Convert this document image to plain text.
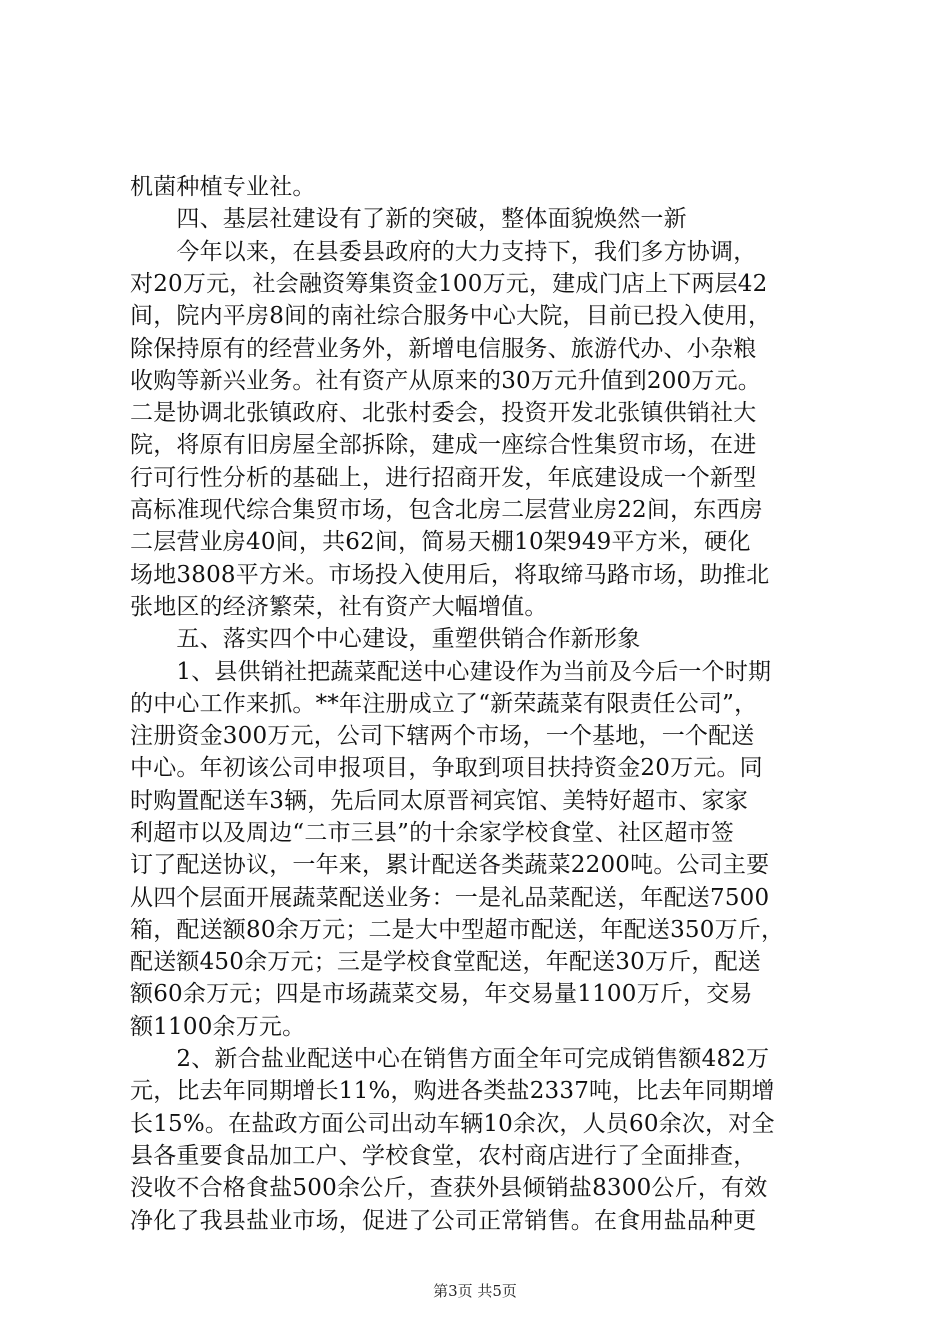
机菌种植专业社。
　　四、基层社建设有了新的突破，整体面貌焕然一新
　　今年以来，在县委县政府的大力支持下，我们多方协调，
对20万元，社会融资筹集资金100万元，建成门店上下两层42
间，院内平房8间的南社综合服务中心大院，目前已投入使用，
除保持原有的经营业务外，新增电信服务、旅游代办、小杂粮
收购等新兴业务。社有资产从原来的30万元升值到200万元。
二是协调北张镇政府、北张村委会，投资开发北张镇供销社大
院，将原有旧房屋全部拆除，建成一座综合性集贸市场，在进
行可行性分析的基础上，进行招商开发，年底建设成一个新型
高标准现代综合集贸市场，包含北房二层营业房22间，东西房
二层营业房40间，共62间，简易天棚10架949平方米，硬化
场地3808平方米。市场投入使用后，将取缔马路市场，助推北
张地区的经济繁荣，社有资产大幅增值。
　　五、落实四个中心建设，重塑供销合作新形象
　　1、县供销社把蔬菜配送中心建设作为当前及今后一个时期
的中心工作来抓。**年注册成立了“新荣蔬菜有限责任公司”，
注册资金300万元，公司下辖两个市场，一个基地，一个配送
中心。年初该公司申报项目，争取到项目扶持资金20万元。同
时购置配送车3辆，先后同太原晋祠宾馆、美特好超市、家家
利超市以及周边“二市三县”的十余家学校食堂、社区超市签
订了配送协议，一年来，累计配送各类蔬菜2200吨。公司主要
从四个层面开展蔬菜配送业务：一是礼品菜配送，年配送7500
箱，配送额80余万元；二是大中型超市配送，年配送350万斤，
配送额450余万元；三是学校食堂配送，年配送30万斤，配送
额60余万元；四是市场蔬菜交易，年交易量1100万斤，交易
额1100余万元。
　　2、新合盐业配送中心在销售方面全年可完成销售额482万
元，比去年同期增长11%，购进各类盐2337吨，比去年同期增
长15%。在盐政方面公司出动车辆10余次，人员60余次，对全
县各重要食品加工户、学校食堂，农村商店进行了全面排查，
没收不合格食盐500余公斤，查获外县倾销盐8300公斤，有效
净化了我县盐业市场，促进了公司正常销售。在食用盐品种更
第3页 共5页
